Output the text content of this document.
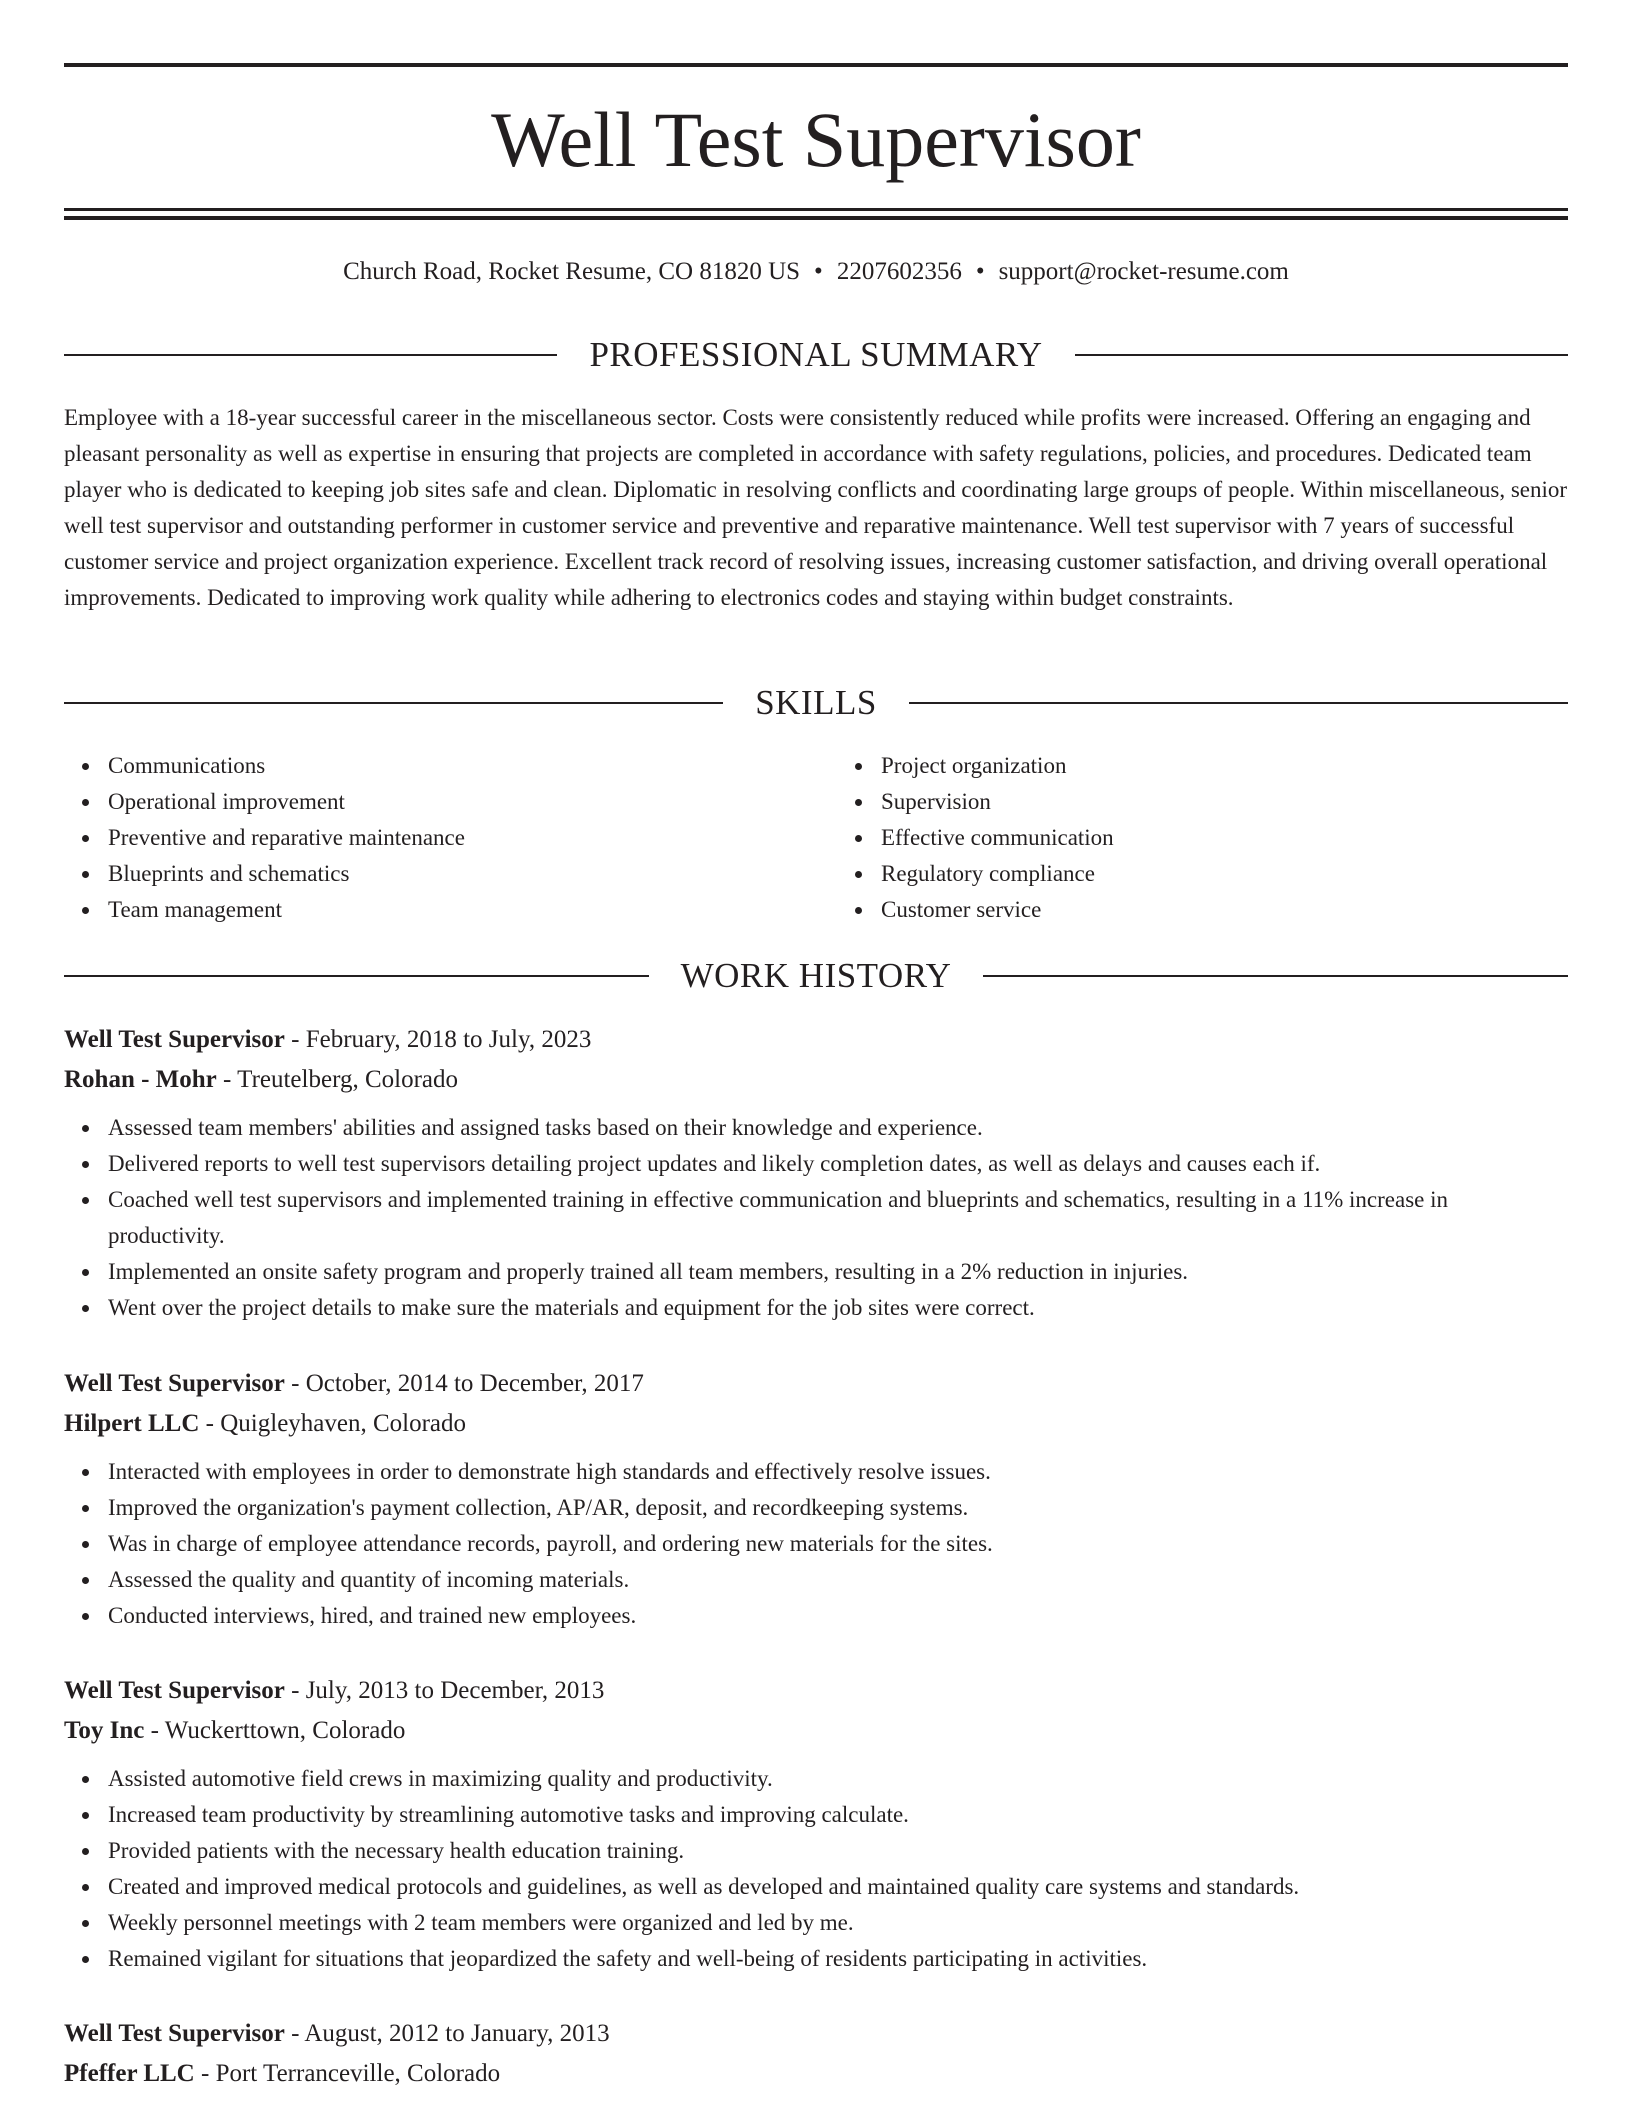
Well Test Supervisor
Church Road, Rocket Resume, CO 81820 US • 2207602356 • support@rocket-resume.com
PROFESSIONAL SUMMARY

Employee with a 18-year successful career in the miscellaneous sector. Costs were consistently reduced while profits were increased. Offering an engaging and pleasant personality as well as expertise in ensuring that projects are completed in accordance with safety regulations, policies, and procedures. Dedicated team player who is dedicated to keeping job sites safe and clean. Diplomatic in resolving conflicts and coordinating large groups of people. Within miscellaneous, senior well test supervisor and outstanding performer in customer service and preventive and reparative maintenance. Well test supervisor with 7 years of successful customer service and project organization experience. Excellent track record of resolving issues, increasing customer satisfaction, and driving overall operational improvements. Dedicated to improving work quality while adhering to electronics codes and staying within budget constraints.

SKILLS
Communications
Operational improvement
Preventive and reparative maintenance
Blueprints and schematics
Team management
Project organization
Supervision
Effective communication
Regulatory compliance
Customer service
WORK HISTORY
Well Test Supervisor - February, 2018 to July, 2023
Rohan - Mohr - Treutelberg, Colorado
Assessed team members' abilities and assigned tasks based on their knowledge and experience.
Delivered reports to well test supervisors detailing project updates and likely completion dates, as well as delays and causes each if.
Coached well test supervisors and implemented training in effective communication and blueprints and schematics, resulting in a 11% increase in productivity.
Implemented an onsite safety program and properly trained all team members, resulting in a 2% reduction in injuries.
Went over the project details to make sure the materials and equipment for the job sites were correct.
Well Test Supervisor - October, 2014 to December, 2017
Hilpert LLC - Quigleyhaven, Colorado
Interacted with employees in order to demonstrate high standards and effectively resolve issues.
Improved the organization's payment collection, AP/AR, deposit, and recordkeeping systems.
Was in charge of employee attendance records, payroll, and ordering new materials for the sites.
Assessed the quality and quantity of incoming materials.
Conducted interviews, hired, and trained new employees.
Well Test Supervisor - July, 2013 to December, 2013
Toy Inc - Wuckerttown, Colorado
Assisted automotive field crews in maximizing quality and productivity.
Increased team productivity by streamlining automotive tasks and improving calculate.
Provided patients with the necessary health education training.
Created and improved medical protocols and guidelines, as well as developed and maintained quality care systems and standards.
Weekly personnel meetings with 2 team members were organized and led by me.
Remained vigilant for situations that jeopardized the safety and well-being of residents participating in activities.
Well Test Supervisor - August, 2012 to January, 2013
Pfeffer LLC - Port Terranceville, Colorado
